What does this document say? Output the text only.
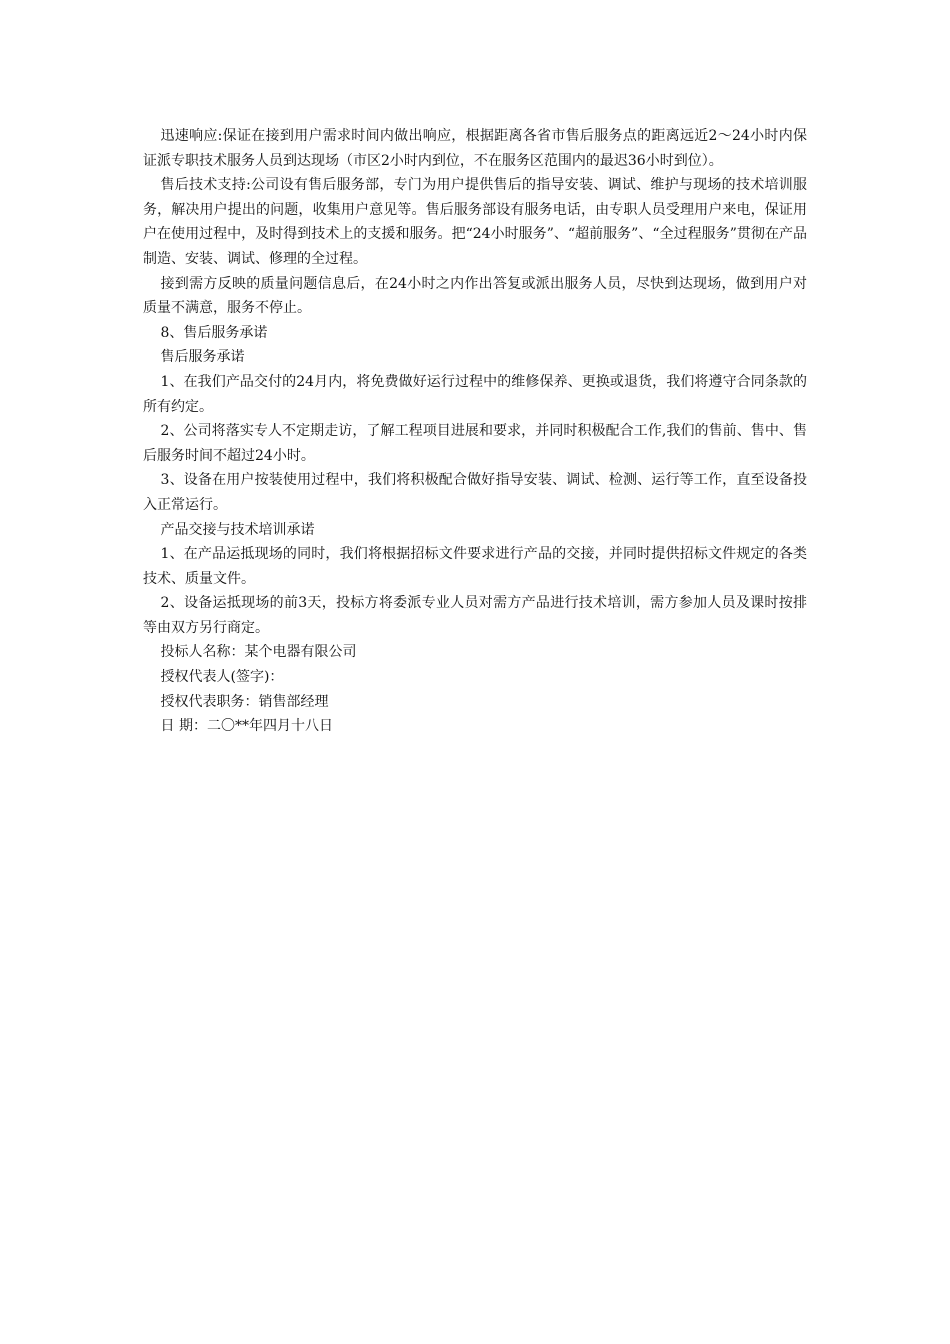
迅速响应:保证在接到用户需求时间内做出响应，根据距离各省市售后服务点的距离远近2～24小时内保证派专职技术服务人员到达现场（市区2小时内到位，不在服务区范围内的最迟36小时到位）。

售后技术支持:公司设有售后服务部，专门为用户提供售后的指导安装、调试、维护与现场的技术培训服务，解决用户提出的问题，收集用户意见等。售后服务部设有服务电话，由专职人员受理用户来电，保证用户在使用过程中，及时得到技术上的支援和服务。把“24小时服务”、“超前服务”、“全过程服务”贯彻在产品制造、安装、调试、修理的全过程。

接到需方反映的质量问题信息后，在24小时之内作出答复或派出服务人员，尽快到达现场，做到用户对质量不满意，服务不停止。

8、售后服务承诺

售后服务承诺

1、在我们产品交付的24月内，将免费做好运行过程中的维修保养、更换或退货，我们将遵守合同条款的所有约定。

2、公司将落实专人不定期走访，了解工程项目进展和要求，并同时积极配合工作,我们的售前、售中、售后服务时间不超过24小时。

3、设备在用户按装使用过程中，我们将积极配合做好指导安装、调试、检测、运行等工作，直至设备投入正常运行。

产品交接与技术培训承诺

1、在产品运抵现场的同时，我们将根据招标文件要求进行产品的交接，并同时提供招标文件规定的各类技术、质量文件。

2、设备运抵现场的前3天，投标方将委派专业人员对需方产品进行技术培训，需方参加人员及课时按排等由双方另行商定。

投标人名称：某个电器有限公司

授权代表人(签字)：

授权代表职务：销售部经理

日 期：二〇**年四月十八日
